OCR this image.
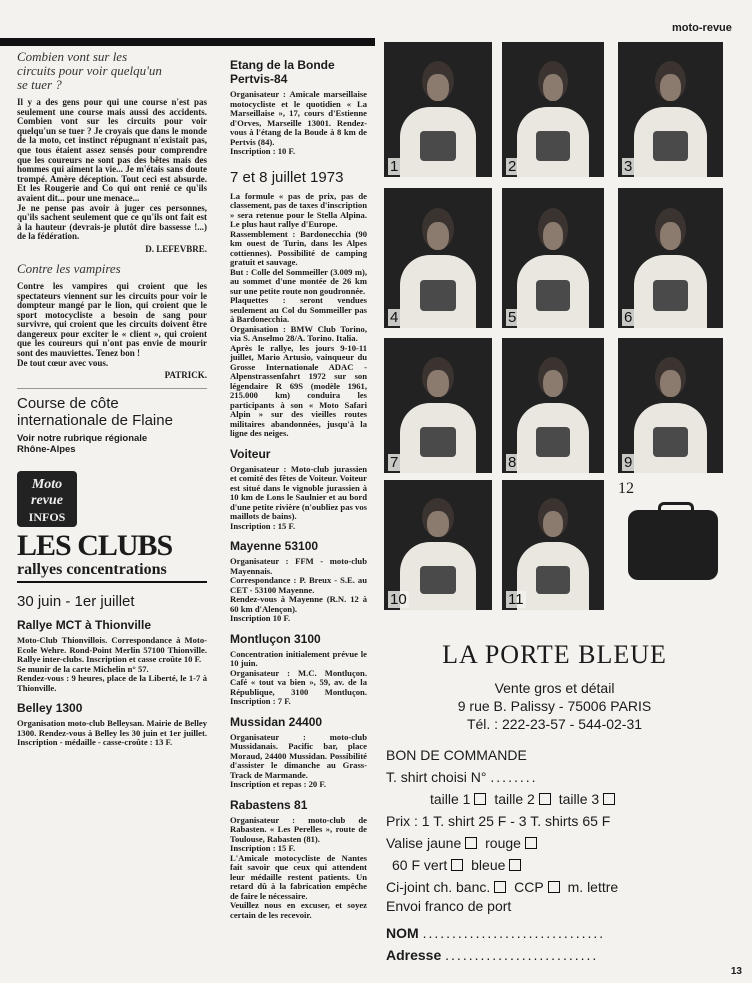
moto-revue

Combien vont sur les circuits pour voir quelqu'un se tuer ?

Il y a des gens pour qui une course n'est pas seulement une course mais aussi des accidents. Combien vont sur les circuits pour voir quelqu'un se tuer ? Je croyais que dans le monde de la moto, cet instinct répugnant n'existait pas, que tous étaient assez sensés pour comprendre que les coureurs ne sont pas des bêtes mais des hommes qui aiment la vie... Je m'étais sans doute trompé. Amère déception. Tout ceci est absurde. Et les Rougerie and Co qui ont renié ce qu'ils avaient dit... pour une menace...
Je ne pense pas avoir à juger ces personnes, qu'ils sachent seulement que ce qu'ils ont fait est à la hauteur (devrais-je plutôt dire bassesse !...) de la fédération.

D. LEFEVBRE.

Contre les vampires

Contre les vampires qui croient que les spectateurs viennent sur les circuits pour voir le dompteur mangé par le lion, qui croient que le sport motocycliste a besoin de sang pour survivre, qui croient que les circuits doivent être dangereux pour exciter le « client », qui croient que les coureurs qui n'ont pas envie de mourir sont des mauviettes. Tenez bon !
De tout cœur avec vous.

PATRICK.

Course de côte internationale de Flaine

Voir notre rubrique régionale Rhône-Alpes

Moto
revue
INFOS
LES CLUBS
rallyes concentrations
30 juin - 1er juillet
Rallye MCT à Thionville

Moto-Club Thionvillois. Correspondance à Moto-Ecole Wehre. Rond-Point Merlin 57100 Thionville. Rallye inter-clubs. Inscription et casse croûte 10 F.
Se munir de la carte Michelin n° 57.
Rendez-vous : 9 heures, place de la Liberté, le 1-7 à Thionville.

Belley 1300

Organisation moto-club Belleysan. Mairie de Belley 1300. Rendez-vous à Belley les 30 juin et 1er juillet. Inscription - médaille - casse-croûte : 13 F.

Etang de la Bonde Pertvis-84

Organisateur : Amicale marseillaise motocycliste et le quotidien « La Marseillaise », 17, cours d'Estienne d'Orves, Marseille 13001. Rendez-vous à l'étang de la Boude à 8 km de Pertvis (84).
Inscription : 10 F.

7 et 8 juillet 1973

La formule « pas de prix, pas de classement, pas de taxes d'inscription » sera retenue pour le Stella Alpina. Le plus haut rallye d'Europe.
Rassemblement : Bardonecchia (90 km ouest de Turin, dans les Alpes cottiennes). Possibilité de camping gratuit et sauvage.
But : Colle del Sommeiller (3.009 m), au sommet d'une montée de 26 km sur une petite route non goudronnée.
Plaquettes : seront vendues seulement au Col du Sommeiller pas à Bardonecchia.
Organisation : BMW Club Torino, via S. Anselmo 28/A. Torino. Italia.
Après le rallye, les jours 9-10-11 juillet, Mario Artusio, vainqueur du Grosse Internationale ADAC - Alpenstrassenfahrt 1972 sur son légendaire R 69S (modèle 1961, 215.000 km) conduira les participants à son « Moto Safari Alpin » sur des vieilles routes militaires abandonnées, jusqu'à la ligne des neiges.

Voiteur

Organisateur : Moto-club jurassien et comité des fêtes de Voiteur. Voiteur est situé dans le vignoble jurassien à 10 km de Lons le Saulnier et au bord d'une petite rivière (n'oubliez pas vos maillots de bains).
Inscription : 15 F.

Mayenne 53100

Organisateur : FFM - moto-club Mayennais.
Correspondance : P. Breux - S.E. au CET - 53100 Mayenne.
Rendez-vous à Mayenne (R.N. 12 à 60 km d'Alençon).
Inscription 10 F.

Montluçon 3100

Concentration initialement prévue le 10 juin.
Organisateur : M.C. Montluçon. Café « tout va bien », 59, av. de la République, 3100 Montluçon. Inscription : 7 F.

Mussidan 24400

Organisateur : moto-club Mussidanais. Pacific bar, place Moraud, 24400 Mussidan. Possibilité d'assister le dimanche au Grass-Track de Marmande.
Inscription et repas : 20 F.

Rabastens 81

Organisateur : moto-club de Rabasten. « Les Perelles », route de Toulouse, Rabasten (81).
Inscription : 15 F.
L'Amicale motocycliste de Nantes fait savoir que ceux qui attendent leur médaille restent patients. Un retard dû à la fabrication empêche de faire le nécessaire.
Veuillez nous en excuser, et soyez certain de les recevoir.

1	2	3
4	5	6
7	8	9
10	11
12
LA PORTE BLEUE
Vente gros et détail
9 rue B. Palissy - 75006 PARIS
Tél. : 222-23-57 - 544-02-31
BON DE COMMANDE
T. shirt choisi N° ........
taille 1 taille 2 taille 3
Prix : 1 T. shirt 25 F - 3 T. shirts 65 F
Valise jaune rouge
60 F vert bleue
Ci-joint ch. banc. CCP m. lettre
Envoi franco de port
NOM ...............................
Adresse ..........................
13
